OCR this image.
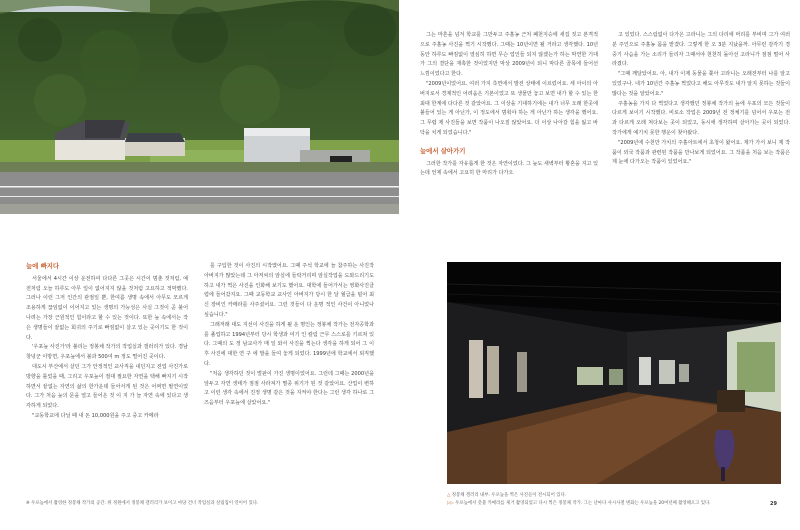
그는 마흔을 넘겨 학교를 그만두고 주흘농 근처 폐천지승에 새집 짓고 본격적으로 주흘농 사진을 찍기 시작했다. 그때는 10년이면 될 거라고 생각했다. 10년 동안 하루도 빠짐없이 열심히 하면 무슨 업인들 되지 않겠는가 하는 막연한 기대가 그의 결단을 재촉한 것이었지만 막상 2009년이 되니 막다른 골목에 들어선 느낌이었다고 한다.

"2009년이었어요. 여러 가지 측면에서 발전 상태에 이르렀어요. 세 아이의 아버지로서 경제적인 어려움은 기본이었고 또 생물만 놓고 보면 내가 할 수 있는 한 최대 한계에 다다른 것 같았어요. 그 이상을 기대하기에는 내가 너무 오래 한곳에 붙들어 있는 게 아닌가, 이 정도에서 멈춰야 하는 게 아닌가 하는 생각을 했어요. 그 무렵 제 사진들을 보면 작품이 나오질 않았어요. 더 이상 나아갈 힘을 잃고 바닥을 치게 되었습니다."

늪에서 살아가기

그러한 작가를 자유롭게 한 것은 자연이었다. 그 늪도 새벽부터 황혼을 지고 있는데 언제 속에서 고요히 한 마리가 다가오

고 있었다. 스스럼없이 다가온 고라니는 그의 다리에 머리를 부비며 그가 여러 분 주인으로 주흘농 몸을 맡겼다. 그렇게 한 오 3분 지났을까. 아무런 감각기 경중기 사슴을 가는 소리가 들리자 그때서야 천천히 돌아선 고라니가 점점 멀어 사라졌다.

"그때 깨달았어요. 아, 내가 이제 동물을 쫓아 고라니는 오래전부터 나를 알고 있었구나. 내가 10년간 주흘농 찍었다고 해도 아무것도 내가 알지 못하는 것들이 많다는 것을 알았어요."

주흘농을 가지 다 찍었다고 생각했던 정봉채 작가의 늪에 우포의 모든 것들이 다르게 보이기 시작했다. 비로소 작업은 2009년 전 정체기를 넘어서 우포는 전과 다르게 오래 쳐다보는 곳이 되었고, 동시에 생각하며 살아가는 곳이 되었다. 작가에게 예기치 못한 행운이 찾아왔다.

"2009년에 수천만 가치의 주흘아트에서 초청이 왔어요. 제가 가서 보니 제 작품이 외국 작품과 관련된 작품을 만나보게 되었어요. 그 작품을 처음 보는 작품은 제 눈에 다가오는 작품이 있었어요."

늪에 빠지다

서울에서 4시간 이상 운전하여 다다른 그곳은 시간이 멈춘 것처럼, 예전처럼 오늘 하루도 아무 일이 없어지지 않을 것처럼 고요하고 적막했다. 그러나 이런 그저 인간의 관점일 뿐, 한여름 생명 속에서 아무도 모르게 조용하게 끊임없이 이어지고 있는 생명의 가능성은 사실 그것이 곧 불어나려는 가장 근원적인 힘이라고 할 수 있는 것이다. 또한 늪 속에서는 작은 생명들이 끝없는 회귀의 주기로 빠짐없이 살고 있는 곳이기도 한 것이다.

'우포늪 사진가'라 불리는 정봉채 작가의 작업실과 갤러리가 있다. 경남 창녕군 이방면, 우포늪에서 불과 500여 m 정도 떨어진 곳이다.

대도시 부산에서 살던 그가 안정적인 교사직을 내던지고 전업 사진가로 방향을 틀었을 때, 그리고 우포늪이 절대 필요한 자연을 택해 빠지기 시작하면서 끝없는 자연의 삶의 한가운데 들어서게 된 것은 어쩌면 필연이었다. 그가 처음 늪의 문을 열고 들어온 것 이 지 가 늘 자연 속에 있다고 생각하게 되었다.

"교동학교에 다닐 때 내 돈 10,000원을 주고 중고 카메라

를 구입한 것이 사진의 시작였어요. 그때 주석 학교에 늘 참주하는 사진작 아버지가 많았는데 그 아저씨의 암실에 들락거리며 암실작업을 도와드리기도 하고 내가 찍은 사진을 인화해 보기도 했어요. 대학에 들어가서는 영화사진클럽에 들어갔지요. 그때 교동학교 교사인 아버지가 당시 한 달 월급을 털어 최신 장비인 카메라를 사주셨어요. 그런 것들이 다 운명 적인 사건이 아니었나 싶습니다."

그래저래 대도 지선이 사진을 하게 될 운 명인는 정봉채 작가는 전자공학과를 졸업하고 1994년부터 당시 학생과 여기 인 칼럼 근무 스스로를 기르쳐 있다. 그때의 도 정 남교사가 매 일 와서 사진을 찍는다 생각을 하게 되어 그 이후 사진에 대한 연 구 에 발을 들여 놓게 되었다. 1999년에 학교에서 퇴직했다.

"처음 생각하던 것이 벌판이 가진 생명이었어요. 그런데 그때는 2000년을 앞두고 자연 생태가 점점 사라져가 멸종 위기가 된 것 같았어요. 산업이 변하고 이런 생각 속에서 진정 생명 같은 것을 지켜야 한다는 그런 생각 하나로 그 즈음부터 우포늪에 살았어요."

※ 우포늪에서 촬영한 정봉채 작가의 공간. 위 정원에서 정봉채 갤러리가 보이고 마당 건너 작업실과 살림집이 연이어 있다.
△ 정봉채 갤러리 내부. 우포늪을 찍은 사진들이 전시되어 있다.
▷▷ 우포늪에서 촛불 카메라를 제거 촬영되었고 다시 찍은 정봉채 작가. 그는 날마다 사시사철 변화는 우포늪을 20여년째 촬영해오고 있다.	29
